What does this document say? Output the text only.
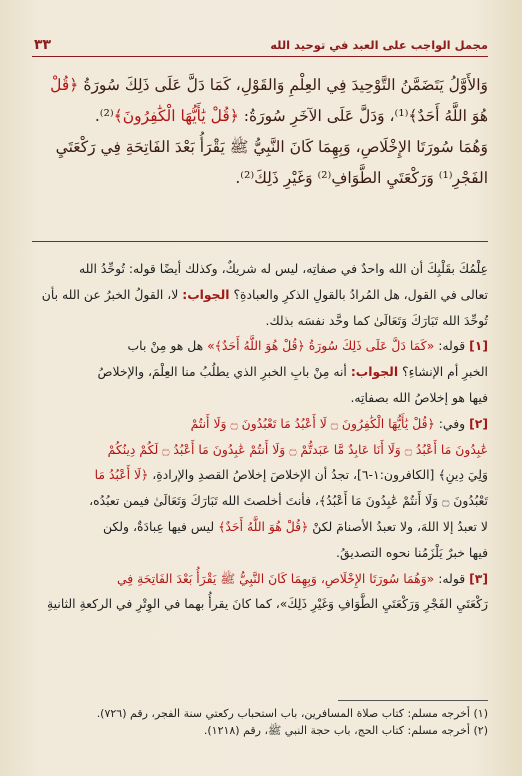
٣٣	مجمل الواجب على العبد في توحيد الله

وَالأَوَّلُ يَتَضَمَّنُ التَّوْحِيدَ فِي العِلْمِ وَالقَوْلِ، كَمَا دَلَّ عَلَى ذَلِكَ سُورَةُ ﴿قُلْ

هُوَ اللَّهُ أَحَدٌ﴾⁽¹⁾، وَدَلَّ عَلَى الآخَرِ سُورَةُ: ﴿قُلْ يَٰأَيُّهَا الْكَٰفِرُونَ﴾⁽²⁾.

وَهُمَا سُورَتَا الإِخْلَاصِ، وَبِهِمَا كَانَ النَّبِيُّ ﷺ يَقْرَأُ بَعْدَ الفَاتِحَةِ فِي رَكْعَتَيِ

الفَجْرِ⁽¹⁾ وَرَكْعَتَيِ الطَّوَافِ⁽²⁾ وَغَيْرِ ذَلِكَ⁽²⁾.

عِلْمُكَ بقَلْبِكَ أن الله واحدٌ في صفاتِه، ليس له شريكٌ، وكذلك أيضًا قوله: تُوحِّدُ الله

تعالى في القول، هل المُرادُ بالقولِ الذكرِ والعبادةِ؟ الجواب: لا، القولُ الخبرُ عن الله بأن

تُوحِّدَ الله تَبَارَكَ وَتَعَالَىٰ كما وحَّد نفسَه بذلك.

[١] قوله: «كَمَا دَلَّ عَلَى ذَلِكَ سُورَةُ ﴿قُلْ هُوَ اللَّهُ أَحَدٌ﴾» هل هو مِنْ باب

الخبرِ أم الإنشاءِ؟ الجواب: أنه مِنْ بابِ الخبرِ الذي يطلُبُ منا العِلْمَ، والإخلاصُ

فيها هو إخلاصُ الله بصفاتِه.

[٢] وفي: ﴿قُلْ يَٰأَيُّهَا الْكَٰفِرُونَ ۝ لَا أَعْبُدُ مَا تَعْبُدُونَ ۝ وَلَا أَنتُمْ

عَٰبِدُونَ مَا أَعْبُدُ ۝ وَلَا أَنَا عَابِدٌ مَّا عَبَدتُّمْ ۝ وَلَا أَنتُمْ عَٰبِدُونَ مَا أَعْبُدُ ۝ لَكُمْ دِينُكُمْ

وَلِيَ دِينِ﴾ [الكافرون:١-٦]، تجدُ أن الإخلاصَ إخلاصُ القصدِ والإرادةِ، ﴿لَا أَعْبُدُ مَا

تَعْبُدُونَ ۝ وَلَا أَنتُمْ عَٰبِدُونَ مَا أَعْبُدُ﴾، فأنتَ أخلصتَ الله تَبَارَكَ وَتَعَالَىٰ فيمن تعبُدُه،

لا تعبدُ إلا اللهَ، ولا تعبدُ الأصنامَ لكنْ ﴿قُلْ هُوَ اللَّهُ أَحَدٌ﴾ ليس فيها عِبادَةٌ، ولكن

فيها خبرٌ يَلْزَمُنا نحوه التصديقُ.

[٣] قوله: «وَهُمَا سُورَتَا الإِخْلَاصِ، وَبِهِمَا كَانَ النَّبِيُّ ﷺ يَقْرَأُ بَعْدَ الفَاتِحَةِ فِي

رَكْعَتَيِ الفَجْرِ وَرَكْعَتَيِ الطَّوَافِ وَغَيْرِ ذَلِكَ»، كما كانَ يقرأُ بهما في الوِتْرِ في الركعةِ الثانيةِ

(١) أخرجه مسلم: كتاب صلاة المسافرين، باب استحباب ركعتي سنة الفجر، رقم (٧٢٦).

(٢) أخرجه مسلم: كتاب الحج، باب حجة النبي ﷺ، رقم (١٢١٨).
